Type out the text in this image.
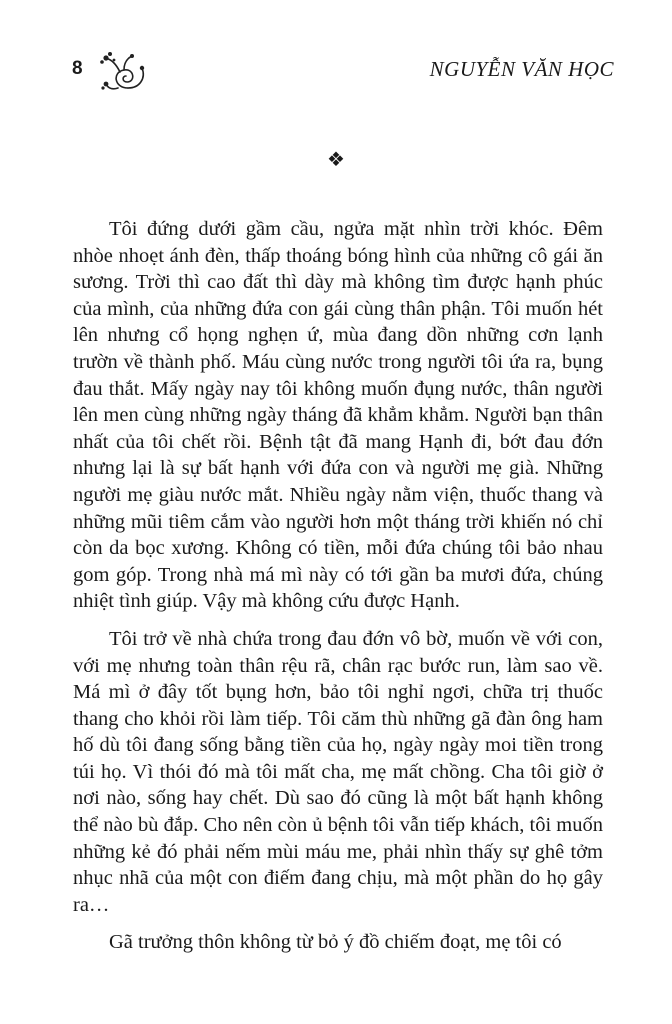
8	NGUYỄN VĂN HỌC
❖

Tôi đứng dưới gầm cầu, ngửa mặt nhìn trời khóc. Đêm nhòe nhoẹt ánh đèn, thấp thoáng bóng hình của những cô gái ăn sương. Trời thì cao đất thì dày mà không tìm được hạnh phúc của mình, của những đứa con gái cùng thân phận. Tôi muốn hét lên nhưng cổ họng nghẹn ứ, mùa đang dồn những cơn lạnh trườn về thành phố. Máu cùng nước trong người tôi ứa ra, bụng đau thắt. Mấy ngày nay tôi không muốn đụng nước, thân người lên men cùng những ngày tháng đã khẳm khẳm. Người bạn thân nhất của tôi chết rồi. Bệnh tật đã mang Hạnh đi, bớt đau đớn nhưng lại là sự bất hạnh với đứa con và người mẹ già. Những người mẹ giàu nước mắt. Nhiều ngày nằm viện, thuốc thang và những mũi tiêm cắm vào người hơn một tháng trời khiến nó chỉ còn da bọc xương. Không có tiền, mỗi đứa chúng tôi bảo nhau gom góp. Trong nhà má mì này có tới gần ba mươi đứa, chúng nhiệt tình giúp. Vậy mà không cứu được Hạnh.

Tôi trở về nhà chứa trong đau đớn vô bờ, muốn về với con, với mẹ nhưng toàn thân rệu rã, chân rạc bước run, làm sao về. Má mì ở đây tốt bụng hơn, bảo tôi nghỉ ngơi, chữa trị thuốc thang cho khỏi rồi làm tiếp. Tôi căm thù những gã đàn ông ham hố dù tôi đang sống bằng tiền của họ, ngày ngày moi tiền trong túi họ. Vì thói đó mà tôi mất cha, mẹ mất chồng. Cha tôi giờ ở nơi nào, sống hay chết. Dù sao đó cũng là một bất hạnh không thể nào bù đắp. Cho nên còn ủ bệnh tôi vẫn tiếp khách, tôi muốn những kẻ đó phải nếm mùi máu me, phải nhìn thấy sự ghê tởm nhục nhã của một con điếm đang chịu, mà một phần do họ gây ra…

Gã trưởng thôn không từ bỏ ý đồ chiếm đoạt, mẹ tôi có
